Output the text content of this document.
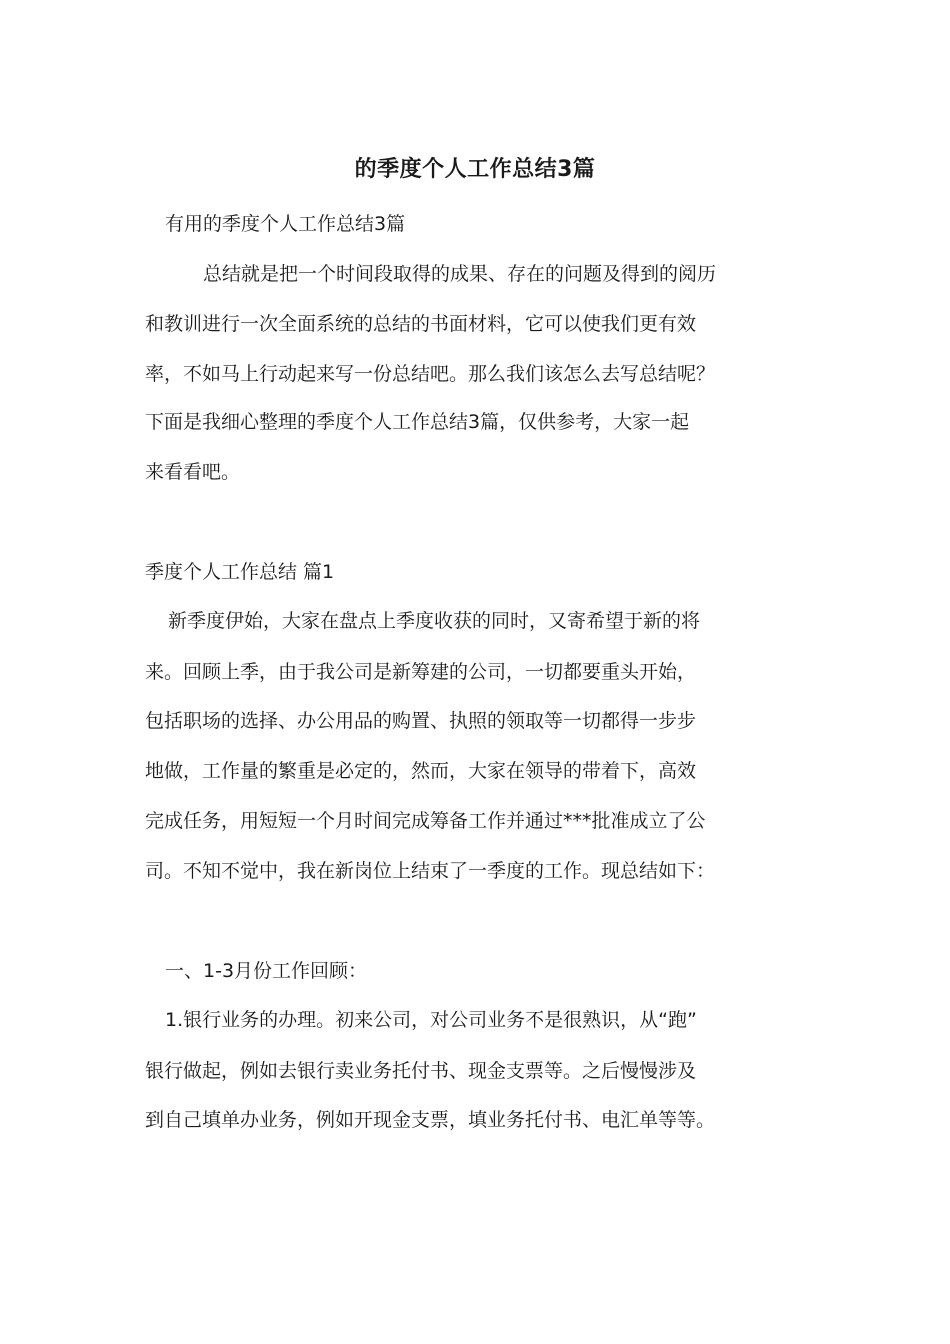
的季度个人工作总结3篇
有用的季度个人工作总结3篇
总结就是把一个时间段取得的成果、存在的问题及得到的阅历
和教训进行一次全面系统的总结的书面材料，它可以使我们更有效
率，不如马上行动起来写一份总结吧。那么我们该怎么去写总结呢？
下面是我细心整理的季度个人工作总结3篇，仅供参考，大家一起
来看看吧。
季度个人工作总结 篇1
新季度伊始，大家在盘点上季度收获的同时，又寄希望于新的将
来。回顾上季，由于我公司是新筹建的公司，一切都要重头开始，
包括职场的选择、办公用品的购置、执照的领取等一切都得一步步
地做，工作量的繁重是必定的，然而，大家在领导的带着下，高效
完成任务，用短短一个月时间完成筹备工作并通过***批准成立了公
司。不知不觉中，我在新岗位上结束了一季度的工作。现总结如下：
一、1-3月份工作回顾：
1.银行业务的办理。初来公司，对公司业务不是很熟识，从“跑”
银行做起，例如去银行卖业务托付书、现金支票等。之后慢慢涉及
到自己填单办业务，例如开现金支票，填业务托付书、电汇单等等。
